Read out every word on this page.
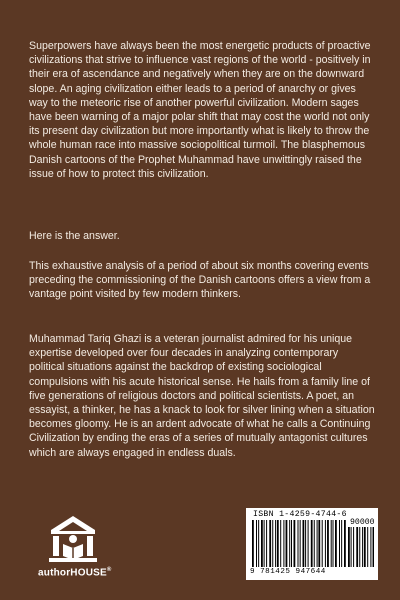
Superpowers have always been the most energetic products of proactive civilizations that strive to influence vast regions of the world - positively in their era of ascendance and negatively when they are on the downward slope. An aging civilization either leads to a period of anarchy or gives way to the meteoric rise of another powerful civilization. Modern sages have been warning of a major polar shift that may cost the world not only its present day civilization but more importantly what is likely to throw the whole human race into massive sociopolitical turmoil. The blasphemous Danish cartoons of the Prophet Muhammad have unwittingly raised the issue of how to protect this civilization.

Here is the answer.

This exhaustive analysis of a period of about six months covering events preceding the commissioning of the Danish cartoons offers a view from a vantage point visited by few modern thinkers.

Muhammad Tariq Ghazi is a veteran journalist admired for his unique expertise developed over four decades in analyzing contemporary political situations against the backdrop of existing sociological compulsions with his acute historical sense. He hails from a family line of five generations of religious doctors and political scientists. A poet, an essayist, a thinker, he has a knack to look for silver lining when a situation becomes gloomy. He is an ardent advocate of what he calls a Continuing Civilization by ending the eras of a series of mutually antagonist cultures which are always engaged in endless duals.

authorHOUSE®
ISBN 1-4259-4744-6
90000
9 781425 947644
